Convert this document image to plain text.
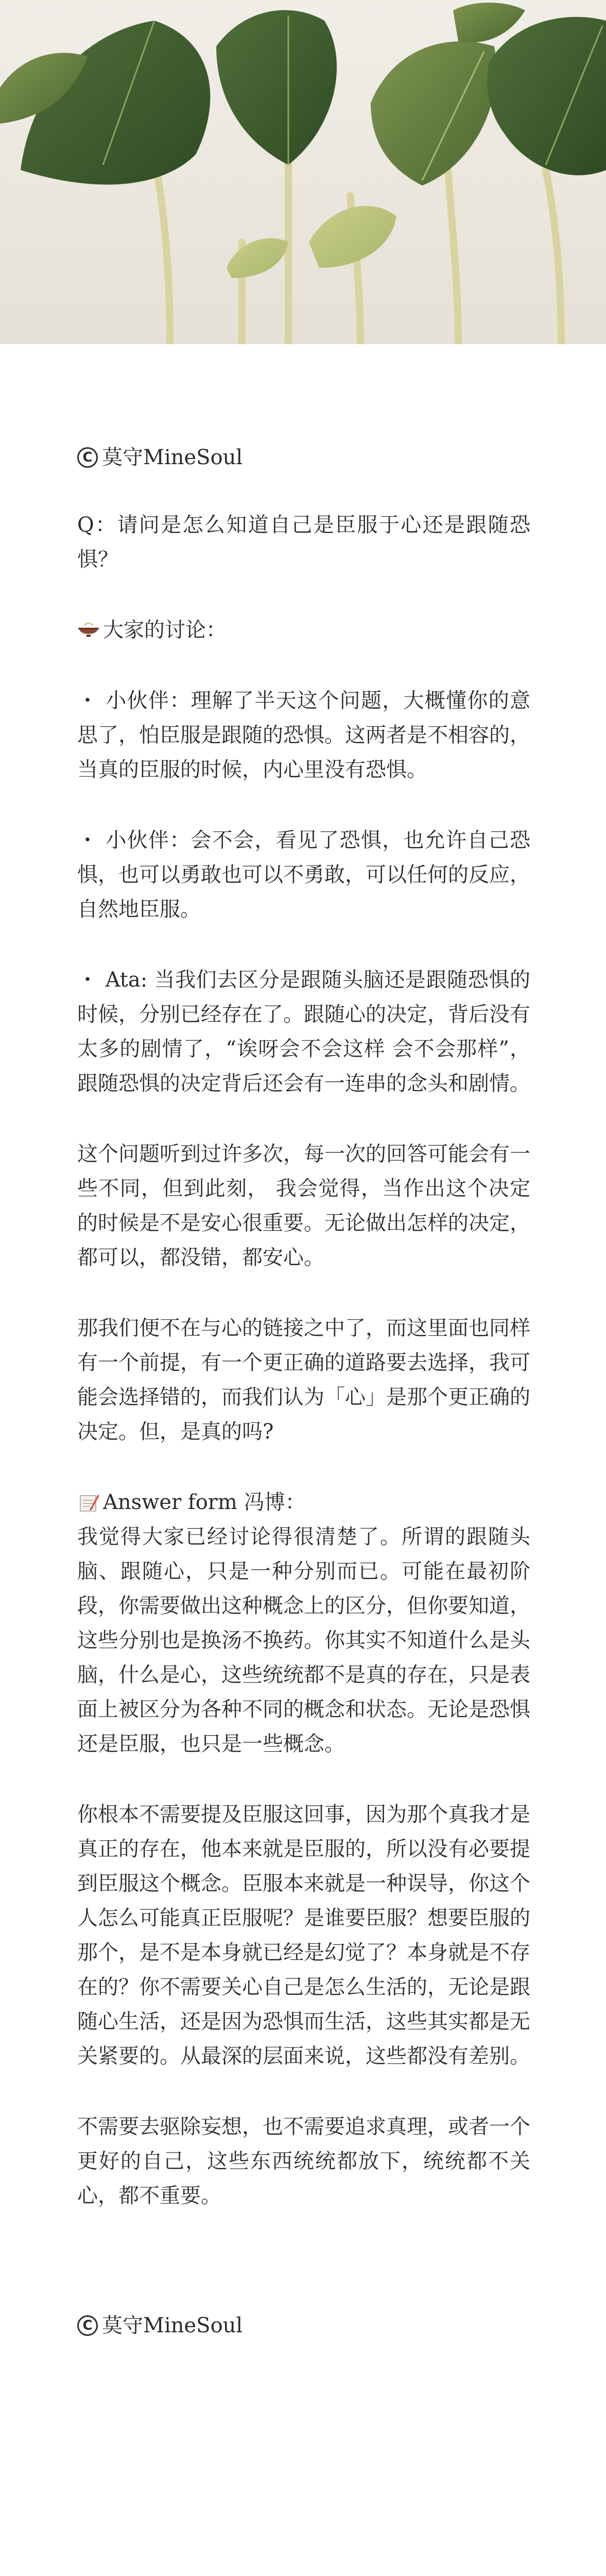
C 莫守MineSoul

Q：请问是怎么知道自己是臣服于心还是跟随恐惧？

大家的讨论：

・ 小伙伴：理解了半天这个问题，大概懂你的意思了，怕臣服是跟随的恐惧。这两者是不相容的，当真的臣服的时候，内心里没有恐惧。

・ 小伙伴：会不会，看见了恐惧，也允许自己恐惧，也可以勇敢也可以不勇敢，可以任何的反应，自然地臣服。

・ Ata: 当我们去区分是跟随头脑还是跟随恐惧的时候，分别已经存在了。跟随心的决定，背后没有太多的剧情了，“诶呀会不会这样 会不会那样”，跟随恐惧的决定背后还会有一连串的念头和剧情。

这个问题听到过许多次，每一次的回答可能会有一些不同，但到此刻， 我会觉得，当作出这个决定的时候是不是安心很重要。无论做出怎样的决定，都可以，都没错，都安心。

那我们便不在与心的链接之中了，而这里面也同样有一个前提，有一个更正确的道路要去选择，我可能会选择错的，而我们认为「心」是那个更正确的决定。但，是真的吗?

Answer form 冯博：

我觉得大家已经讨论得很清楚了。所谓的跟随头脑、跟随心，只是一种分别而已。可能在最初阶段，你需要做出这种概念上的区分，但你要知道，这些分别也是换汤不换药。你其实不知道什么是头脑，什么是心，这些统统都不是真的存在，只是表面上被区分为各种不同的概念和状态。无论是恐惧还是臣服，也只是一些概念。

你根本不需要提及臣服这回事，因为那个真我才是真正的存在，他本来就是臣服的，所以没有必要提到臣服这个概念。臣服本来就是一种误导，你这个人怎么可能真正臣服呢？是谁要臣服？想要臣服的那个，是不是本身就已经是幻觉了？本身就是不存在的？你不需要关心自己是怎么生活的，无论是跟随心生活，还是因为恐惧而生活，这些其实都是无关紧要的。从最深的层面来说，这些都没有差别。

不需要去驱除妄想，也不需要追求真理，或者一个更好的自己，这些东西统统都放下，统统都不关心，都不重要。

C 莫守MineSoul
